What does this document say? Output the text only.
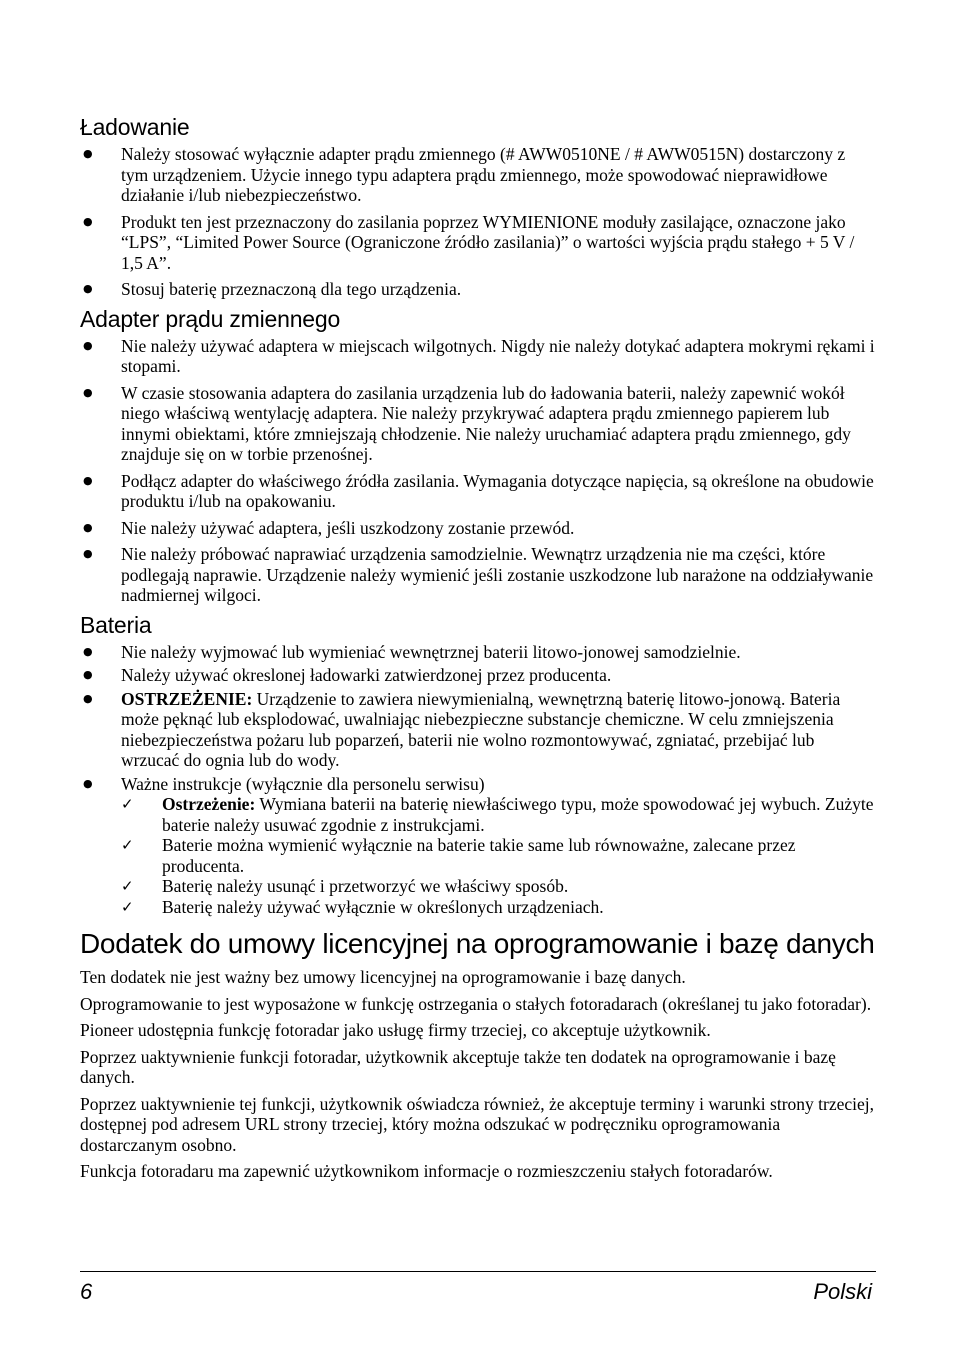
Ładowanie
● Należy stosować wyłącznie adapter prądu zmiennego (# AWW0510NE / # AWW0515N) dostarczony z tym urządzeniem. Użycie innego typu adaptera prądu zmiennego, może spowodować nieprawidłowe działanie i/lub niebezpieczeństwo.
● Produkt ten jest przeznaczony do zasilania poprzez WYMIENIONE moduły zasilające, oznaczone jako “LPS”, “Limited Power Source (Ograniczone źródło zasilania)” o wartości wyjścia prądu stałego + 5 V / 1,5 A”.
● Stosuj baterię przeznaczoną dla tego urządzenia.
Adapter prądu zmiennego
● Nie należy używać adaptera w miejscach wilgotnych. Nigdy nie należy dotykać adaptera mokrymi rękami i stopami.
● W czasie stosowania adaptera do zasilania urządzenia lub do ładowania baterii, należy zapewnić wokół niego właściwą wentylację adaptera. Nie należy przykrywać adaptera prądu zmiennego papierem lub innymi obiektami, które zmniejszają chłodzenie. Nie należy uruchamiać adaptera prądu zmiennego, gdy znajduje się on w torbie przenośnej.
● Podłącz adapter do właściwego źródła zasilania. Wymagania dotyczące napięcia, są określone na obudowie produktu i/lub na opakowaniu.
● Nie należy używać adaptera, jeśli uszkodzony zostanie przewód.
● Nie należy próbować naprawiać urządzenia samodzielnie. Wewnątrz urządzenia nie ma części, które podlegają naprawie. Urządzenie należy wymienić jeśli zostanie uszkodzone lub narażone na oddziaływanie nadmiernej wilgoci.
Bateria
● Nie należy wyjmować lub wymieniać wewnętrznej baterii litowo-jonowej samodzielnie.
● Należy używać okreslonej ładowarki zatwierdzonej przez producenta.
● OSTRZEŻENIE: Urządzenie to zawiera niewymienialną, wewnętrzną baterię litowo-jonową. Bateria może pęknąć lub eksplodować, uwalniając niebezpieczne substancje chemiczne. W celu zmniejszenia niebezpieczeństwa pożaru lub poparzeń, baterii nie wolno rozmontowywać, zgniatać, przebijać lub wrzucać do ognia lub do wody.
● Ważne instrukcje (wyłącznie dla personelu serwisu)
✓ Ostrzeżenie: Wymiana baterii na baterię niewłaściwego typu, może spowodować jej wybuch. Zużyte baterie należy usuwać zgodnie z instrukcjami.
✓ Baterie można wymienić wyłącznie na baterie takie same lub równoważne, zalecane przez producenta.
✓ Baterię należy usunąć i przetworzyć we właściwy sposób.
✓ Baterię należy używać wyłącznie w określonych urządzeniach.
Dodatek do umowy licencyjnej na oprogramowanie i bazę danych

Ten dodatek nie jest ważny bez umowy licencyjnej na oprogramowanie i bazę danych.

Oprogramowanie to jest wyposażone w funkcję ostrzegania o stałych fotoradarach (określanej tu jako fotoradar).

Pioneer udostępnia funkcję fotoradar jako usługę firmy trzeciej, co akceptuje użytkownik.

Poprzez uaktywnienie funkcji fotoradar, użytkownik akceptuje także ten dodatek na oprogramowanie i bazę danych.

Poprzez uaktywnienie tej funkcji, użytkownik oświadcza również, że akceptuje terminy i warunki strony trzeciej, dostępnej pod adresem URL strony trzeciej, który można odszukać w podręczniku oprogramowania dostarczanym osobno.

Funkcja fotoradaru ma zapewnić użytkownikom informacje o rozmieszczeniu stałych fotoradarów.

6	Polski
